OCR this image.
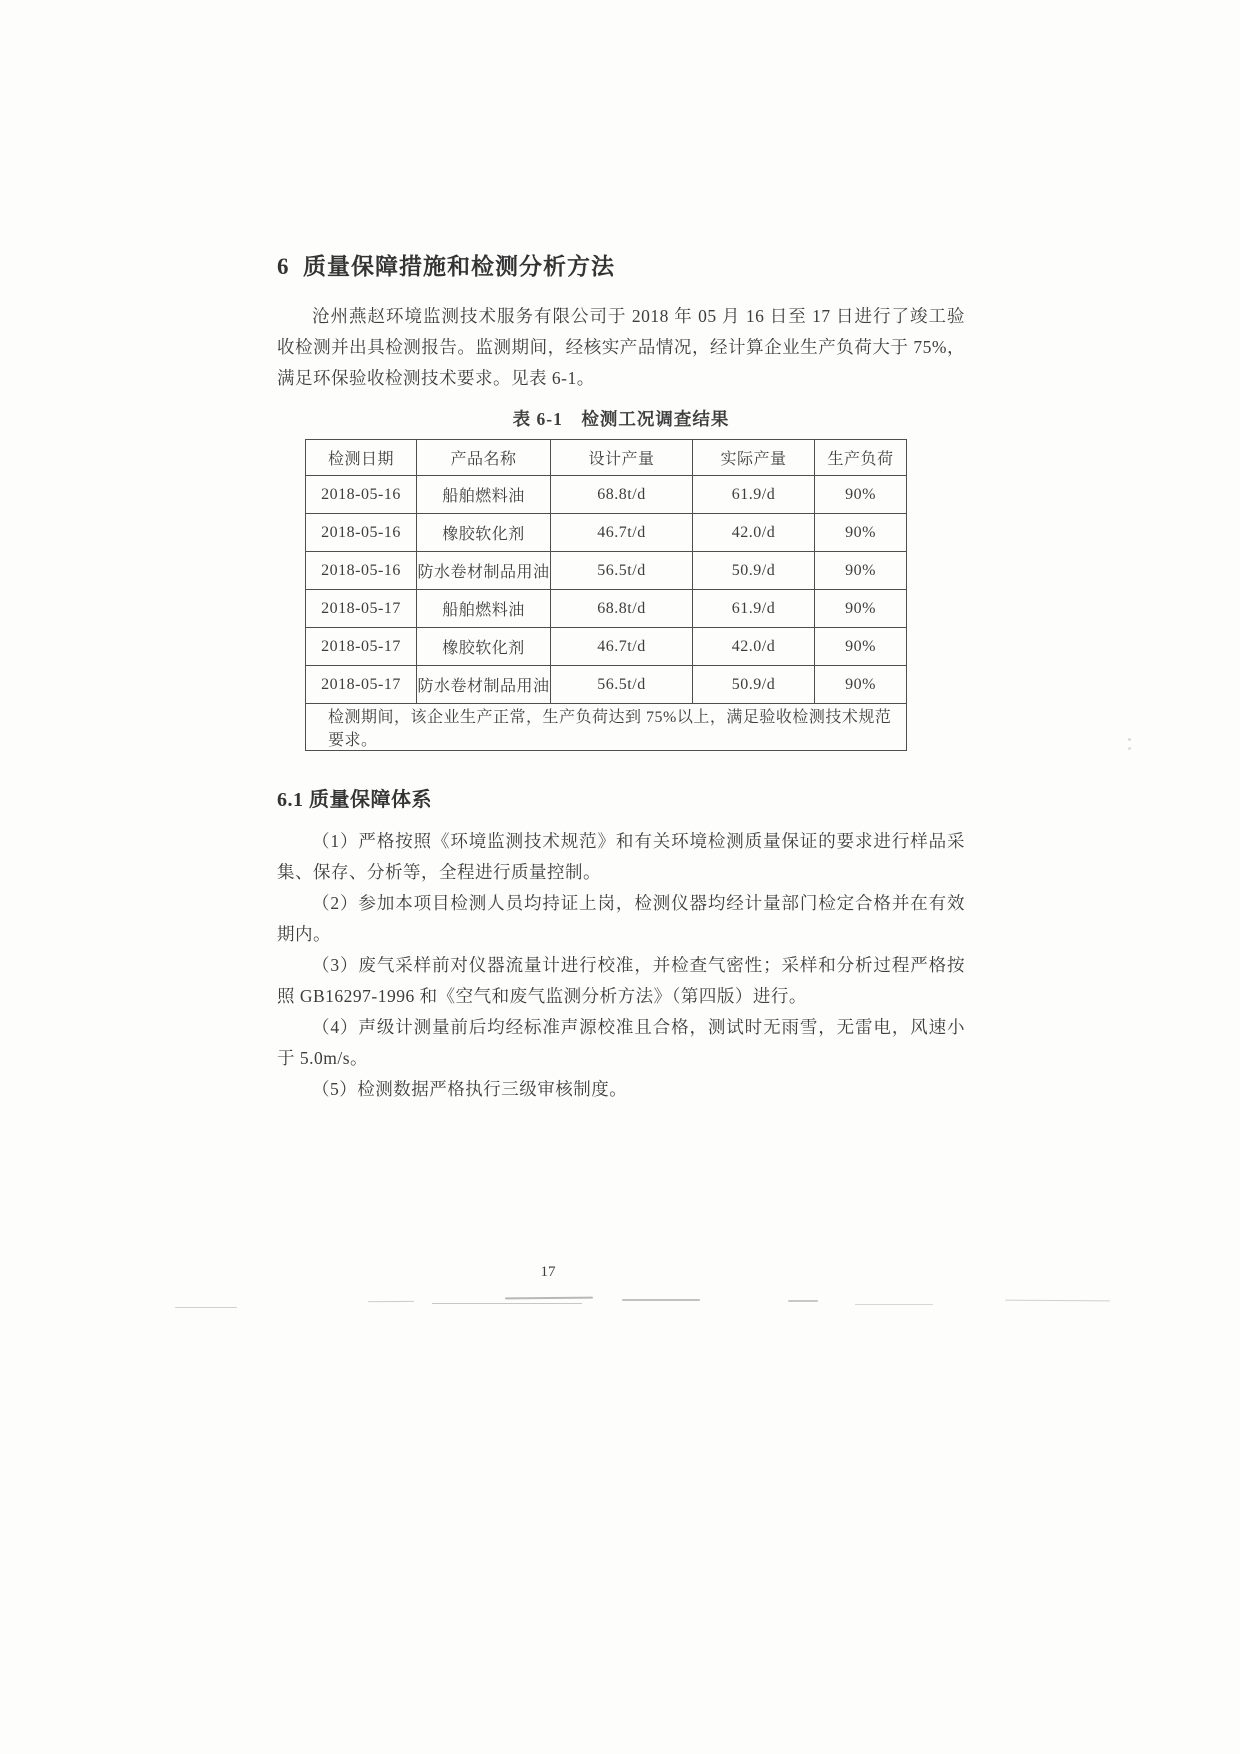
6  质量保障措施和检测分析方法

沧州燕赵环境监测技术服务有限公司于 2018 年 05 月 16 日至 17 日进行了竣工验收检测并出具检测报告。监测期间，经核实产品情况，经计算企业生产负荷大于 75%，满足环保验收检测技术要求。见表 6-1。

表 6-1　检测工况调查结果

检测日期	产品名称	设计产量	实际产量	生产负荷
2018-05-16	船舶燃料油	68.8t/d	61.9/d	90%
2018-05-16	橡胶软化剂	46.7t/d	42.0/d	90%
2018-05-16	防水卷材制品用油	56.5t/d	50.9/d	90%
2018-05-17	船舶燃料油	68.8t/d	61.9/d	90%
2018-05-17	橡胶软化剂	46.7t/d	42.0/d	90%
2018-05-17	防水卷材制品用油	56.5t/d	50.9/d	90%
检测期间，该企业生产正常，生产负荷达到 75%以上，满足验收检测技术规范要求。				
6.1 质量保障体系

（1）严格按照《环境监测技术规范》和有关环境检测质量保证的要求进行样品采集、保存、分析等，全程进行质量控制。

（2）参加本项目检测人员均持证上岗，检测仪器均经计量部门检定合格并在有效期内。

（3）废气采样前对仪器流量计进行校准，并检查气密性；采样和分析过程严格按照 GB16297-1996 和《空气和废气监测分析方法》（第四版）进行。

（4）声级计测量前后均经标准声源校准且合格，测试时无雨雪，无雷电，风速小于 5.0m/s。

（5）检测数据严格执行三级审核制度。

17
